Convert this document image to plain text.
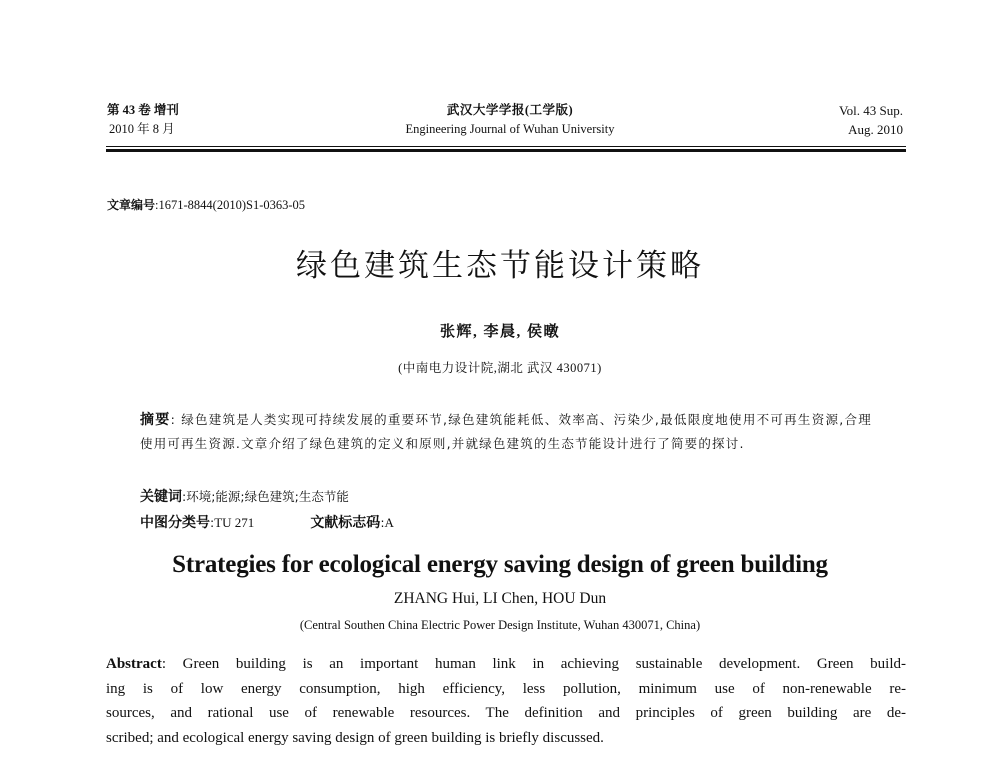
第 43 卷 增刊
2010 年 8 月
武汉大学学报(工学版)
Engineering Journal of Wuhan University
Vol. 43 Sup.
Aug. 2010
文章编号:1671-8844(2010)S1-0363-05
绿色建筑生态节能设计策略
张辉, 李晨, 侯暾
(中南电力设计院,湖北 武汉 430071)
摘要: 绿色建筑是人类实现可持续发展的重要环节,绿色建筑能耗低、效率高、污染少,最低限度地使用不可再生资源,合理使用可再生资源.文章介绍了绿色建筑的定义和原则,并就绿色建筑的生态节能设计进行了简要的探讨.
关键词:环境;能源;绿色建筑;生态节能
中图分类号:TU 271	文献标志码:A
Strategies for ecological energy saving design of green building
ZHANG Hui, LI Chen, HOU Dun
(Central Southen China Electric Power Design Institute, Wuhan 430071, China)
Abstract: Green building is an important human link in achieving sustainable development. Green build-
ing is of low energy consumption, high efficiency, less pollution, minimum use of non-renewable re-
sources, and rational use of renewable resources. The definition and principles of green building are de-
scribed; and ecological energy saving design of green building is briefly discussed.
